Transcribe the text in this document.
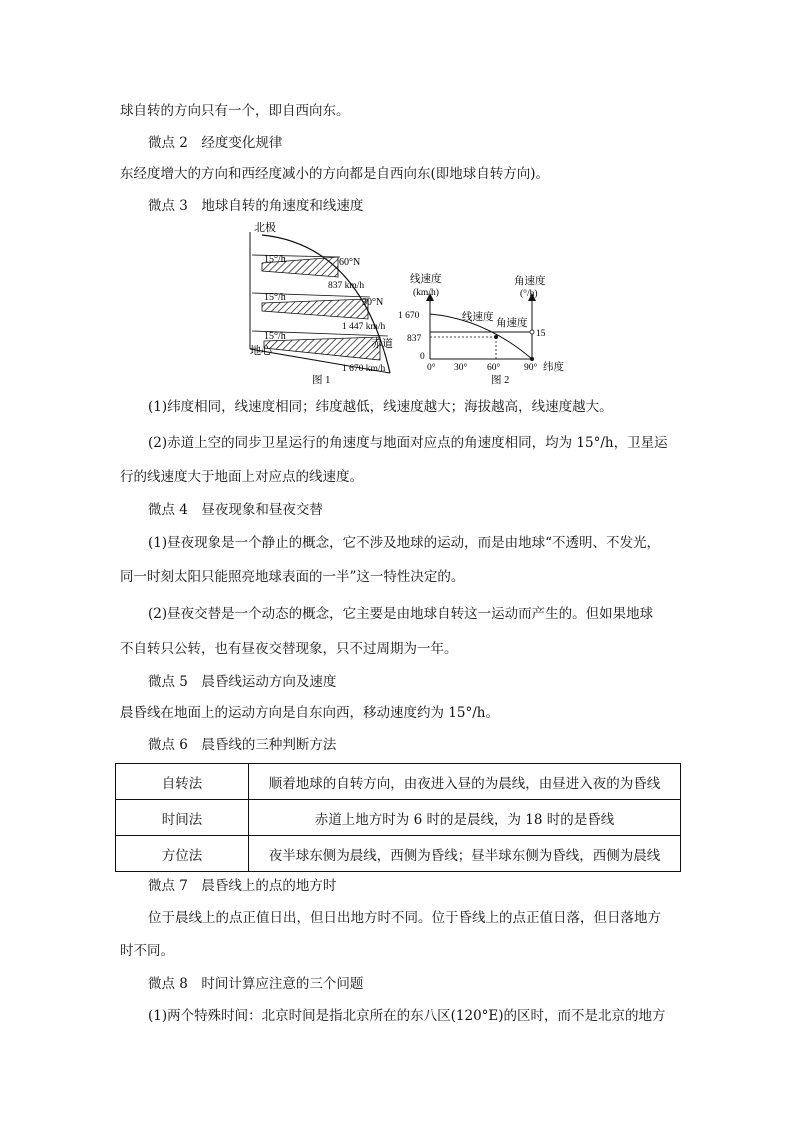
球自转的方向只有一个，即自西向东。
微点 2　经度变化规律
东经度增大的方向和西经度减小的方向都是自西向东(即地球自转方向)。
微点 3　地球自转的角速度和线速度
北极
15°/h
15°/h
15°/h
60°N
837 km/h
30°N
1 447 km/h
地心
赤道
1 670 km/h
图 1
线速度
(km/h)
1 670
837
0
0° 30° 60° 90° 纬度
线速度
角速度
角速度
(°/h)
15
图 2
(1)纬度相同，线速度相同；纬度越低，线速度越大；海拔越高，线速度越大。
(2)赤道上空的同步卫星运行的角速度与地面对应点的角速度相同，均为 15°/h，卫星运
行的线速度大于地面上对应点的线速度。
微点 4　昼夜现象和昼夜交替
(1)昼夜现象是一个静止的概念，它不涉及地球的运动，而是由地球“不透明、不发光，
同一时刻太阳只能照亮地球表面的一半”这一特性决定的。
(2)昼夜交替是一个动态的概念，它主要是由地球自转这一运动而产生的。但如果地球
不自转只公转，也有昼夜交替现象，只不过周期为一年。
微点 5　晨昏线运动方向及速度
晨昏线在地面上的运动方向是自东向西，移动速度约为 15°/h。
微点 6　晨昏线的三种判断方法
自转法	顺着地球的自转方向，由夜进入昼的为晨线，由昼进入夜的为昏线
时间法	赤道上地方时为 6 时的是晨线，为 18 时的是昏线
方位法	夜半球东侧为晨线，西侧为昏线；昼半球东侧为昏线，西侧为晨线
微点 7　晨昏线上的点的地方时
位于晨线上的点正值日出，但日出地方时不同。位于昏线上的点正值日落，但日落地方
时不同。
微点 8　时间计算应注意的三个问题
(1)两个特殊时间：北京时间是指北京所在的东八区(120°E)的区时，而不是北京的地方
